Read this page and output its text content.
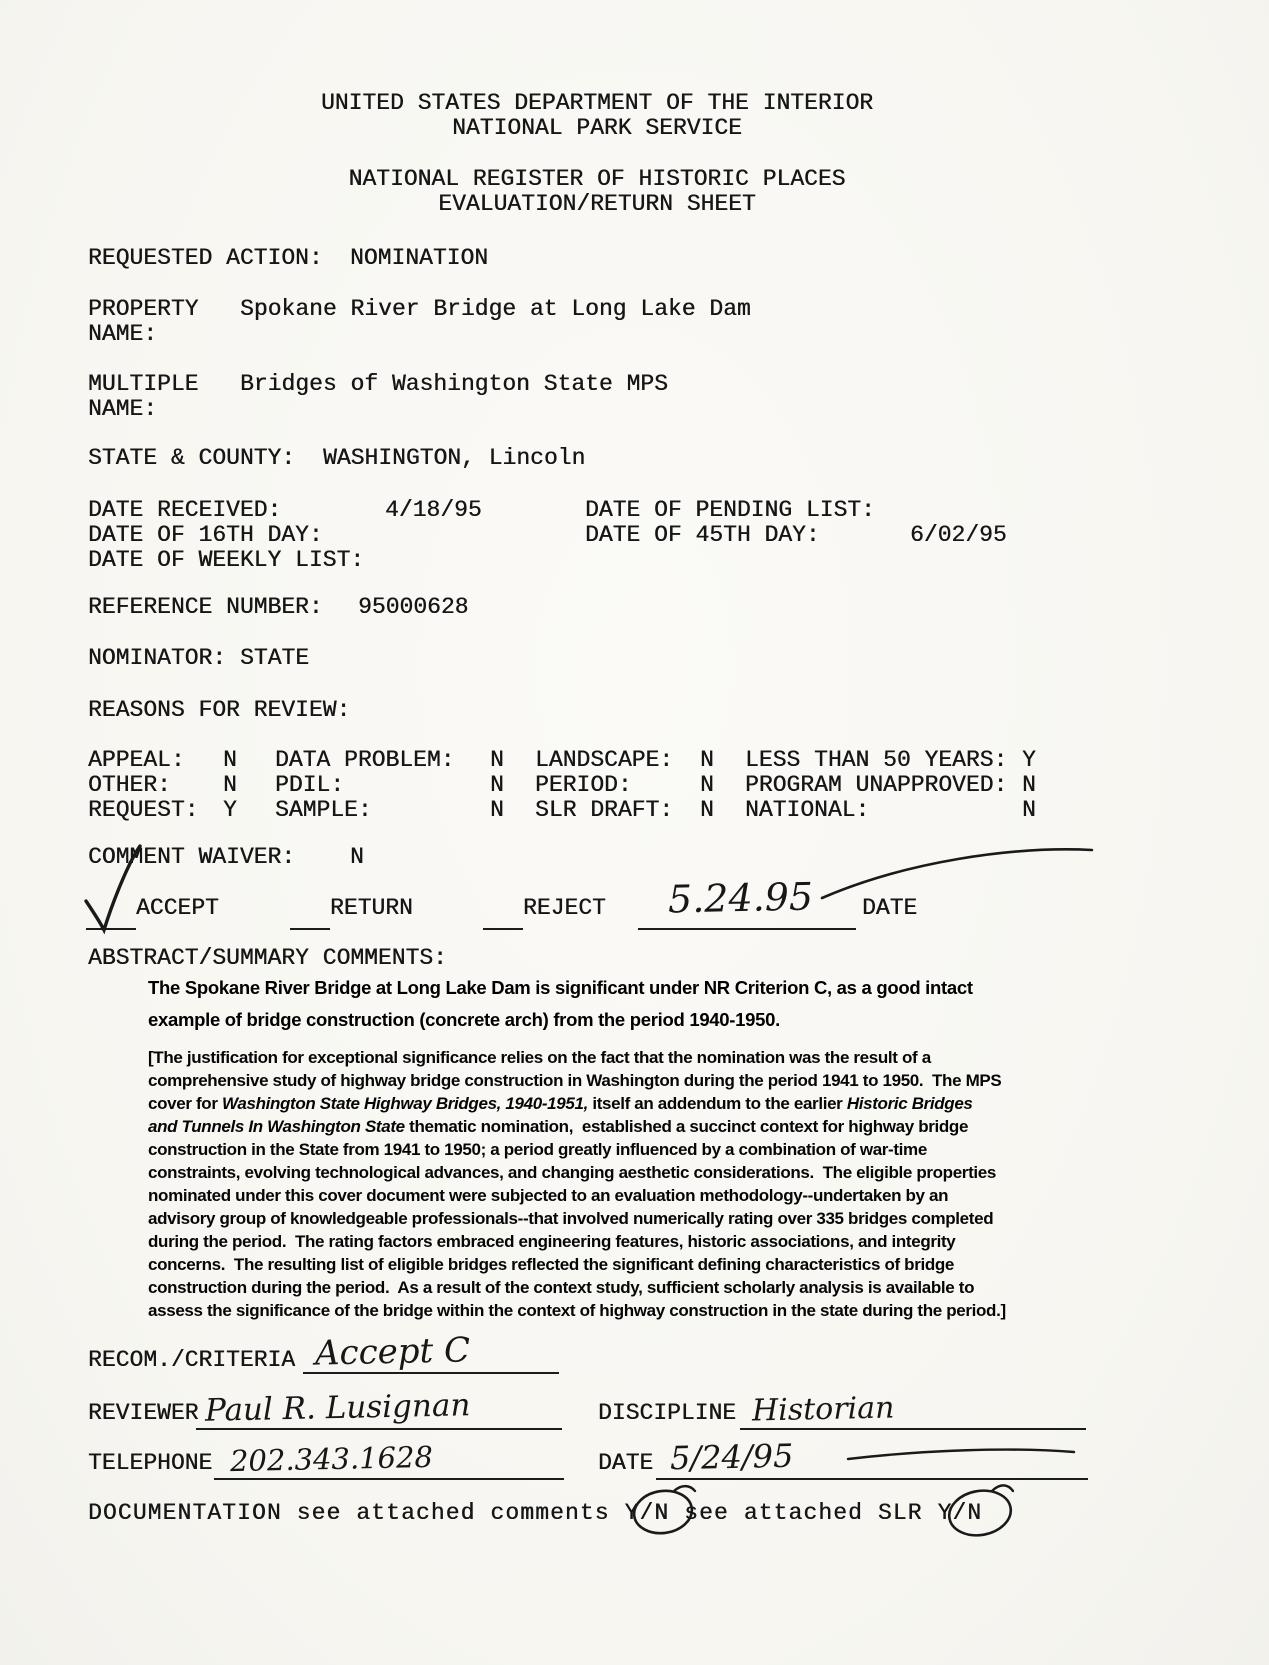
UNITED STATES DEPARTMENT OF THE INTERIOR
NATIONAL PARK SERVICE
NATIONAL REGISTER OF HISTORIC PLACES
EVALUATION/RETURN SHEET
REQUESTED ACTION: NOMINATION
PROPERTY
NAME:
Spokane River Bridge at Long Lake Dam
MULTIPLE
NAME:
Bridges of Washington State MPS
STATE & COUNTY: WASHINGTON, Lincoln
DATE RECEIVED:	4/18/95	DATE OF PENDING LIST:
DATE OF 16TH DAY:	DATE OF 45TH DAY:	6/02/95
DATE OF WEEKLY LIST:
REFERENCE NUMBER: 95000628
NOMINATOR: STATE
REASONS FOR REVIEW:
APPEAL: N DATA PROBLEM: N LANDSCAPE: N LESS THAN 50 YEARS: Y
OTHER: N PDIL:	N PERIOD:	N PROGRAM UNAPPROVED: N
REQUEST: Y SAMPLE:	N SLR DRAFT: N NATIONAL:	N
COMMENT WAIVER: N
ACCEPT	RETURN	REJECT 5.24.95 DATE
ABSTRACT/SUMMARY COMMENTS:
The Spokane River Bridge at Long Lake Dam is significant under NR Criterion C, as a good intact
example of bridge construction (concrete arch) from the period 1940-1950.
[The justification for exceptional significance relies on the fact that the nomination was the result of a
comprehensive study of highway bridge construction in Washington during the period 1941 to 1950.  The MPS
cover for Washington State Highway Bridges, 1940-1951, itself an addendum to the earlier Historic Bridges
and Tunnels In Washington State thematic nomination,  established a succinct context for highway bridge
construction in the State from 1941 to 1950; a period greatly influenced by a combination of war-time
constraints, evolving technological advances, and changing aesthetic considerations.  The eligible properties
nominated under this cover document were subjected to an evaluation methodology--undertaken by an
advisory group of knowledgeable professionals--that involved numerically rating over 335 bridges completed
during the period.  The rating factors embraced engineering features, historic associations, and integrity
concerns.  The resulting list of eligible bridges reflected the significant defining characteristics of bridge
construction during the period.  As a result of the context study, sufficient scholarly analysis is available to
assess the significance of the bridge within the context of highway construction in the state during the period.]
RECOM./CRITERIA Accept C
REVIEWER Paul R. Lusignan	DISCIPLINE Historian
TELEPHONE 202.343.1628	DATE 5/24/95
DOCUMENTATION see attached comments Y/N see attached SLR Y/N
